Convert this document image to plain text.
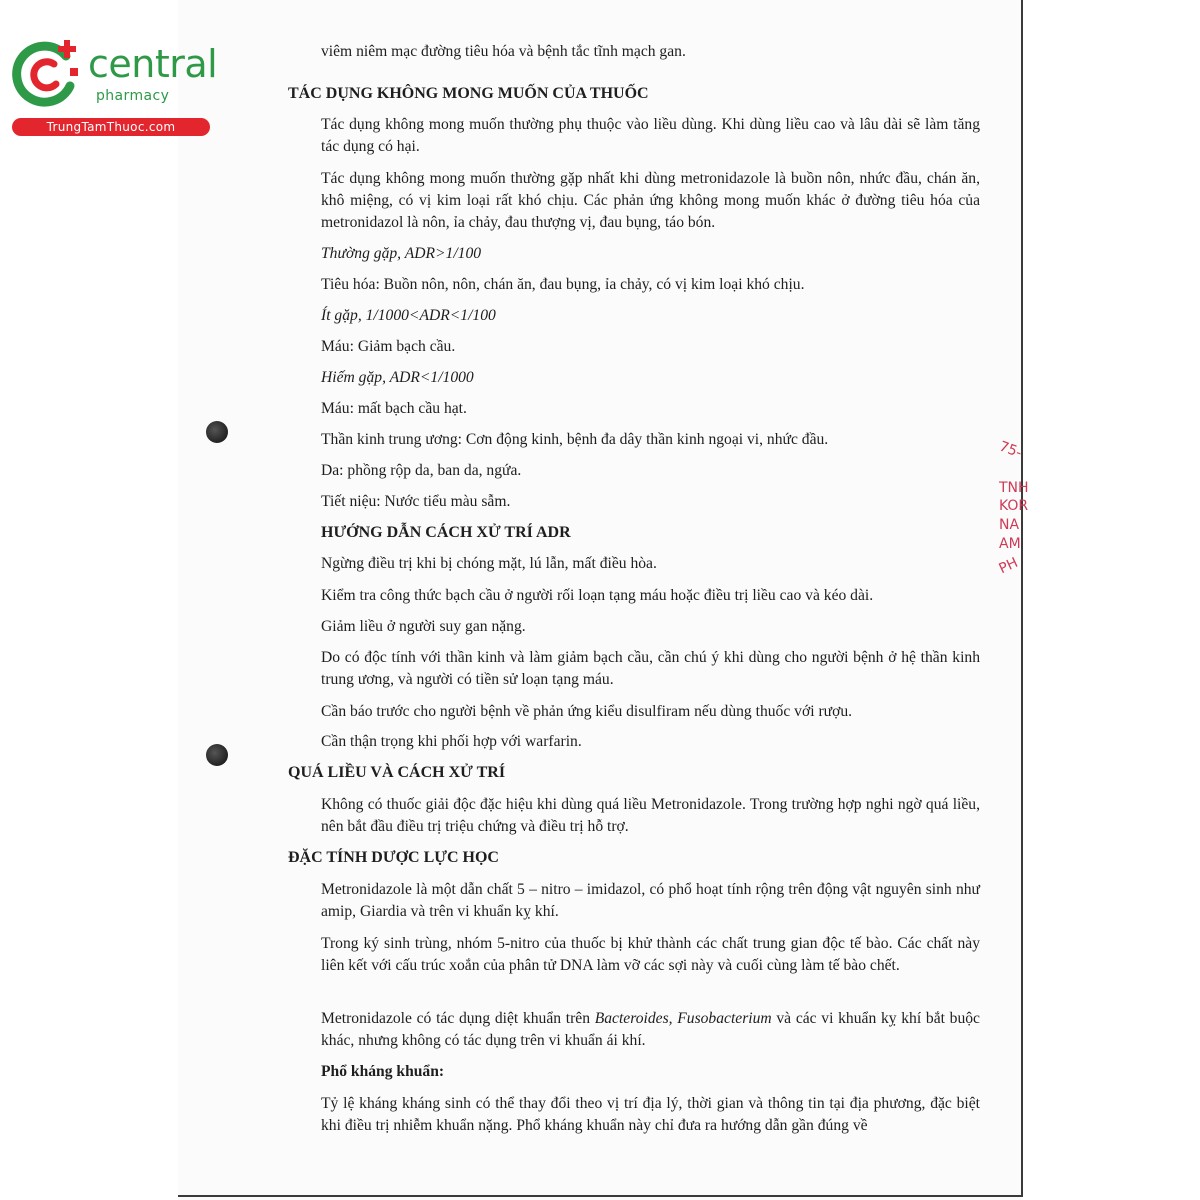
central
pharmacy
TrungTamThuoc.com
75-
TNH
KOR
NA
AM
PH

viêm niêm mạc đường tiêu hóa và bệnh tắc tĩnh mạch gan.

TÁC DỤNG KHÔNG MONG MUỐN CỦA THUỐC

Tác dụng không mong muốn thường phụ thuộc vào liều dùng. Khi dùng liều cao và lâu dài sẽ làm tăng tác dụng có hại.

Tác dụng không mong muốn thường gặp nhất khi dùng metronidazole là buồn nôn, nhức đầu, chán ăn, khô miệng, có vị kim loại rất khó chịu. Các phản ứng không mong muốn khác ở đường tiêu hóa của metronidazol là nôn, ỉa chảy, đau thượng vị, đau bụng, táo bón.

Thường gặp, ADR>1/100

Tiêu hóa: Buồn nôn, nôn, chán ăn, đau bụng, ỉa chảy, có vị kim loại khó chịu.

Ít gặp, 1/1000<ADR<1/100

Máu: Giảm bạch cầu.

Hiếm gặp, ADR<1/1000

Máu: mất bạch cầu hạt.

Thần kinh trung ương: Cơn động kinh, bệnh đa dây thần kinh ngoại vi, nhức đầu.

Da: phồng rộp da, ban da, ngứa.

Tiết niệu: Nước tiểu màu sẫm.

HƯỚNG DẪN CÁCH XỬ TRÍ ADR

Ngừng điều trị khi bị chóng mặt, lú lẫn, mất điều hòa.

Kiểm tra công thức bạch cầu ở người rối loạn tạng máu hoặc điều trị liều cao và kéo dài.

Giảm liều ở người suy gan nặng.

Do có độc tính với thần kinh và làm giảm bạch cầu, cần chú ý khi dùng cho người bệnh ở hệ thần kinh trung ương, và người có tiền sử loạn tạng máu.

Cần báo trước cho người bệnh về phản ứng kiểu disulfiram nếu dùng thuốc với rượu.

Cần thận trọng khi phối hợp với warfarin.

QUÁ LIỀU VÀ CÁCH XỬ TRÍ

Không có thuốc giải độc đặc hiệu khi dùng quá liều Metronidazole. Trong trường hợp nghi ngờ quá liều, nên bắt đầu điều trị triệu chứng và điều trị hỗ trợ.

ĐẶC TÍNH DƯỢC LỰC HỌC

Metronidazole là một dẫn chất 5 – nitro – imidazol, có phổ hoạt tính rộng trên động vật nguyên sinh như amip, Giardia và trên vi khuẩn kỵ khí.

Trong ký sinh trùng, nhóm 5-nitro của thuốc bị khử thành các chất trung gian độc tế bào. Các chất này liên kết với cấu trúc xoắn của phân tử DNA làm vỡ các sợi này và cuối cùng làm tế bào chết.

Metronidazole có tác dụng diệt khuẩn trên Bacteroides, Fusobacterium và các vi khuẩn kỵ khí bắt buộc khác, nhưng không có tác dụng trên vi khuẩn ái khí.

Phổ kháng khuẩn:

Tỷ lệ kháng kháng sinh có thể thay đổi theo vị trí địa lý, thời gian và thông tin tại địa phương, đặc biệt khi điều trị nhiễm khuẩn nặng. Phổ kháng khuẩn này chỉ đưa ra hướng dẫn gần đúng về
